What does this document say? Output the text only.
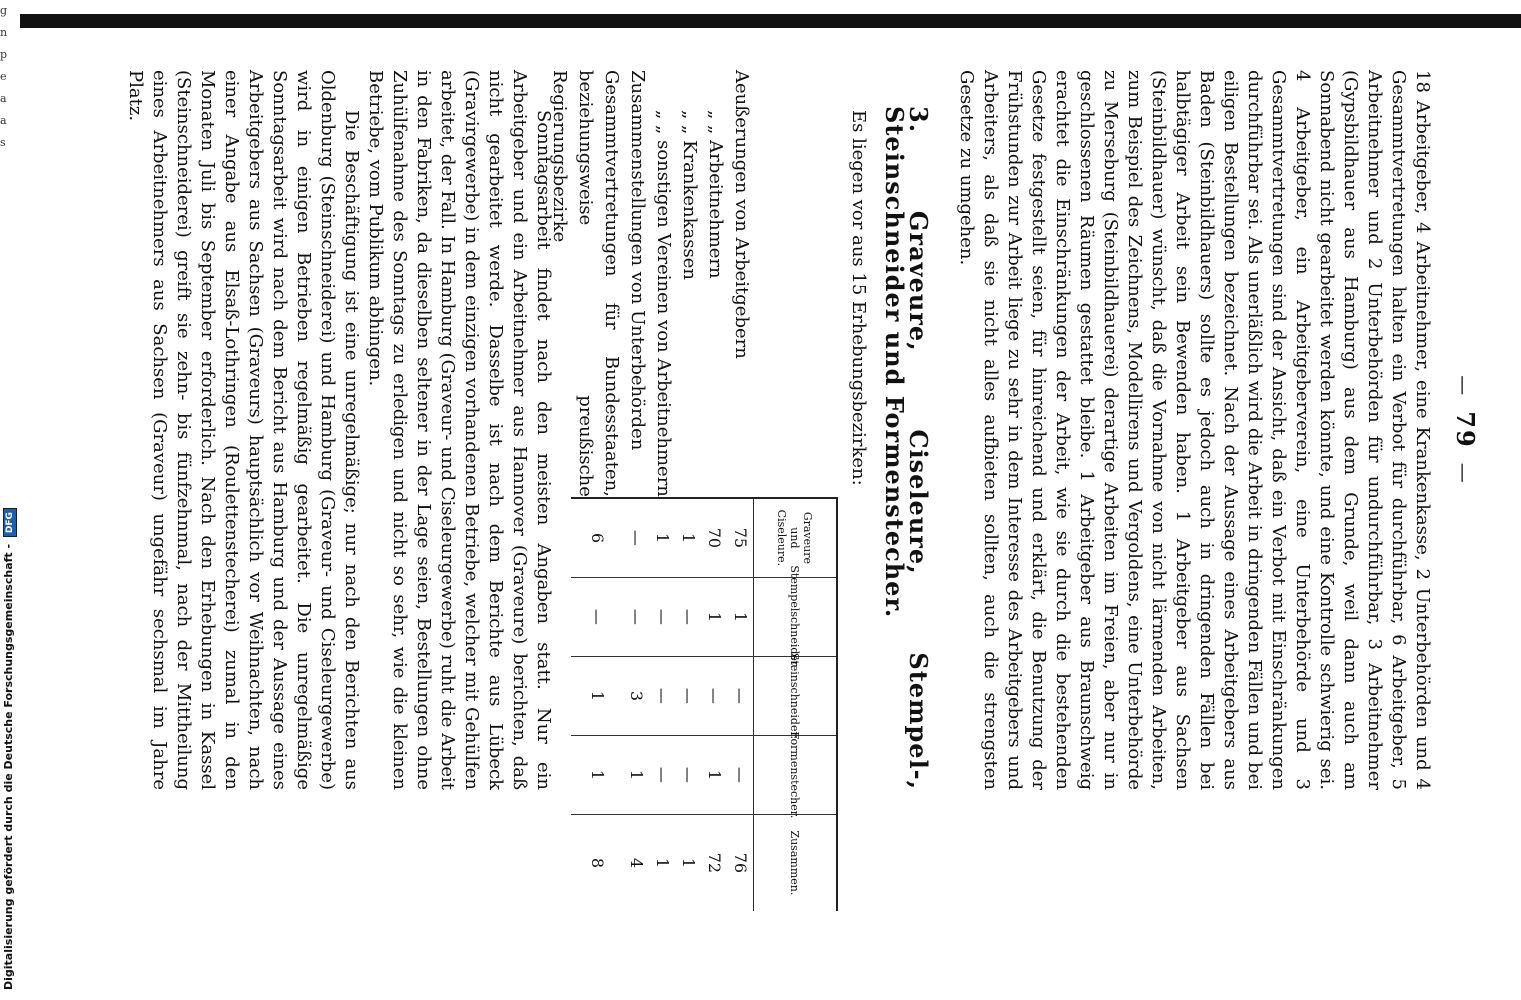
g
n
p
e
a
a
s
—79—

18 Arbeitgeber, 4 Arbeitnehmer, eine Krankenkasse, 2 Unterbehörden und 4 Gesammtvertretungen halten ein Verbot für durchführbar, 6 Arbeitgeber, 5 Arbeitnehmer und 2 Unterbehörden für undurchführbar, 3 Arbeitnehmer (Gypsbildhauer aus Hamburg) aus dem Grunde, weil dann auch am Sonnabend nicht gearbeitet werden könnte, und eine Kontrolle schwierig sei. 4 Arbeitgeber, ein Arbeitgeberverein, eine Unterbehörde und 3 Gesammtvertretungen sind der Ansicht, daß ein Verbot mit Einschränkungen durchführbar sei. Als unerläßlich wird die Arbeit in dringenden Fällen und bei eiligen Bestellungen bezeichnet. Nach der Aussage eines Arbeitgebers aus Baden (Steinbildhauers) sollte es jedoch auch in dringenden Fällen bei halbtägiger Arbeit sein Bewenden haben. 1 Arbeitgeber aus Sachsen (Steinbildhauer) wünscht, daß die Vornahme von nicht lärmenden Arbeiten, zum Beispiel des Zeichnens, Modellirens und Vergoldens, eine Unterbehörde zu Merseburg (Steinbildhauerei) derartige Arbeiten im Freien, aber nur in geschlossenen Räumen gestattet bleibe. 1 Arbeitgeber aus Braunschweig erachtet die Einschränkungen der Arbeit, wie sie durch die bestehenden Gesetze festgestellt seien, für hinreichend und erklärt, die Benutzung der Frühstunden zur Arbeit liege zu sehr in dem Interesse des Arbeitgebers und Arbeiters, als daß sie nicht alles aufbieten sollten, auch die strengsten Gesetze zu umgehen.

3. Graveure, Ciseleure, Stempel-, Steinschneider und Formenstecher.
Es liegen vor aus 15 Erhebungsbezirken:
Aeußerungen von Arbeitgebern
„ „ Arbeitnehmern
„ „ Krankenkassen
„ „ sonstigen Vereinen von Arbeitnehmern
Zusammenstellungen von Unterbehörden
Gesammtvertretungen für Bundesstaaten, beziehungsweise preußische Regierungsbezirke
Graveure und Ciseleure.
75
70
1
1
—
6
Stempelschneider.
1
1
—
—
—
—
Steinschneider.
—
—
—
—
3
1
Formenstecher.
—
1
—
—
1
1
Zusammen.
76
72
1
1
4
8

Sonntagsarbeit findet nach den meisten Angaben statt. Nur ein Arbeitgeber und ein Arbeitnehmer aus Hannover (Graveure) berichten, daß nicht gearbeitet werde. Dasselbe ist nach dem Berichte aus Lübeck (Gravirgewerbe) in dem einzigen vorhandenen Betriebe, welcher mit Gehülfen arbeitet, der Fall. In Hamburg (Graveur- und Ciseleurgewerbe) ruht die Arbeit in den Fabriken, da dieselben seltener in der Lage seien, Bestellungen ohne Zuhülfenahme des Sonntags zu erledigen und nicht so sehr, wie die kleinen Betriebe, vom Publikum abhingen.

Die Beschäftigung ist eine unregelmäßige; nur nach den Berichten aus Oldenburg (Steinschneiderei) und Hamburg (Graveur- und Ciseleurgewerbe) wird in einigen Betrieben regelmäßig gearbeitet. Die unregelmäßige Sonntagsarbeit wird nach dem Bericht aus Hamburg und der Aussage eines Arbeitgebers aus Sachsen (Graveurs) hauptsächlich vor Weihnachten, nach einer Angabe aus Elsaß-Lothringen (Roulettenstecherei) zumal in den Monaten Juli bis September erforderlich. Nach den Erhebungen in Kassel (Steinschneiderei) greift sie zehn- bis fünfzehnmal, nach der Mittheilung eines Arbeitnehmers aus Sachsen (Graveur) ungefähr sechsmal im Jahre Platz.

Digitalisierung gefördert durch die Deutsche Forschungsgemeinschaft - DFG
